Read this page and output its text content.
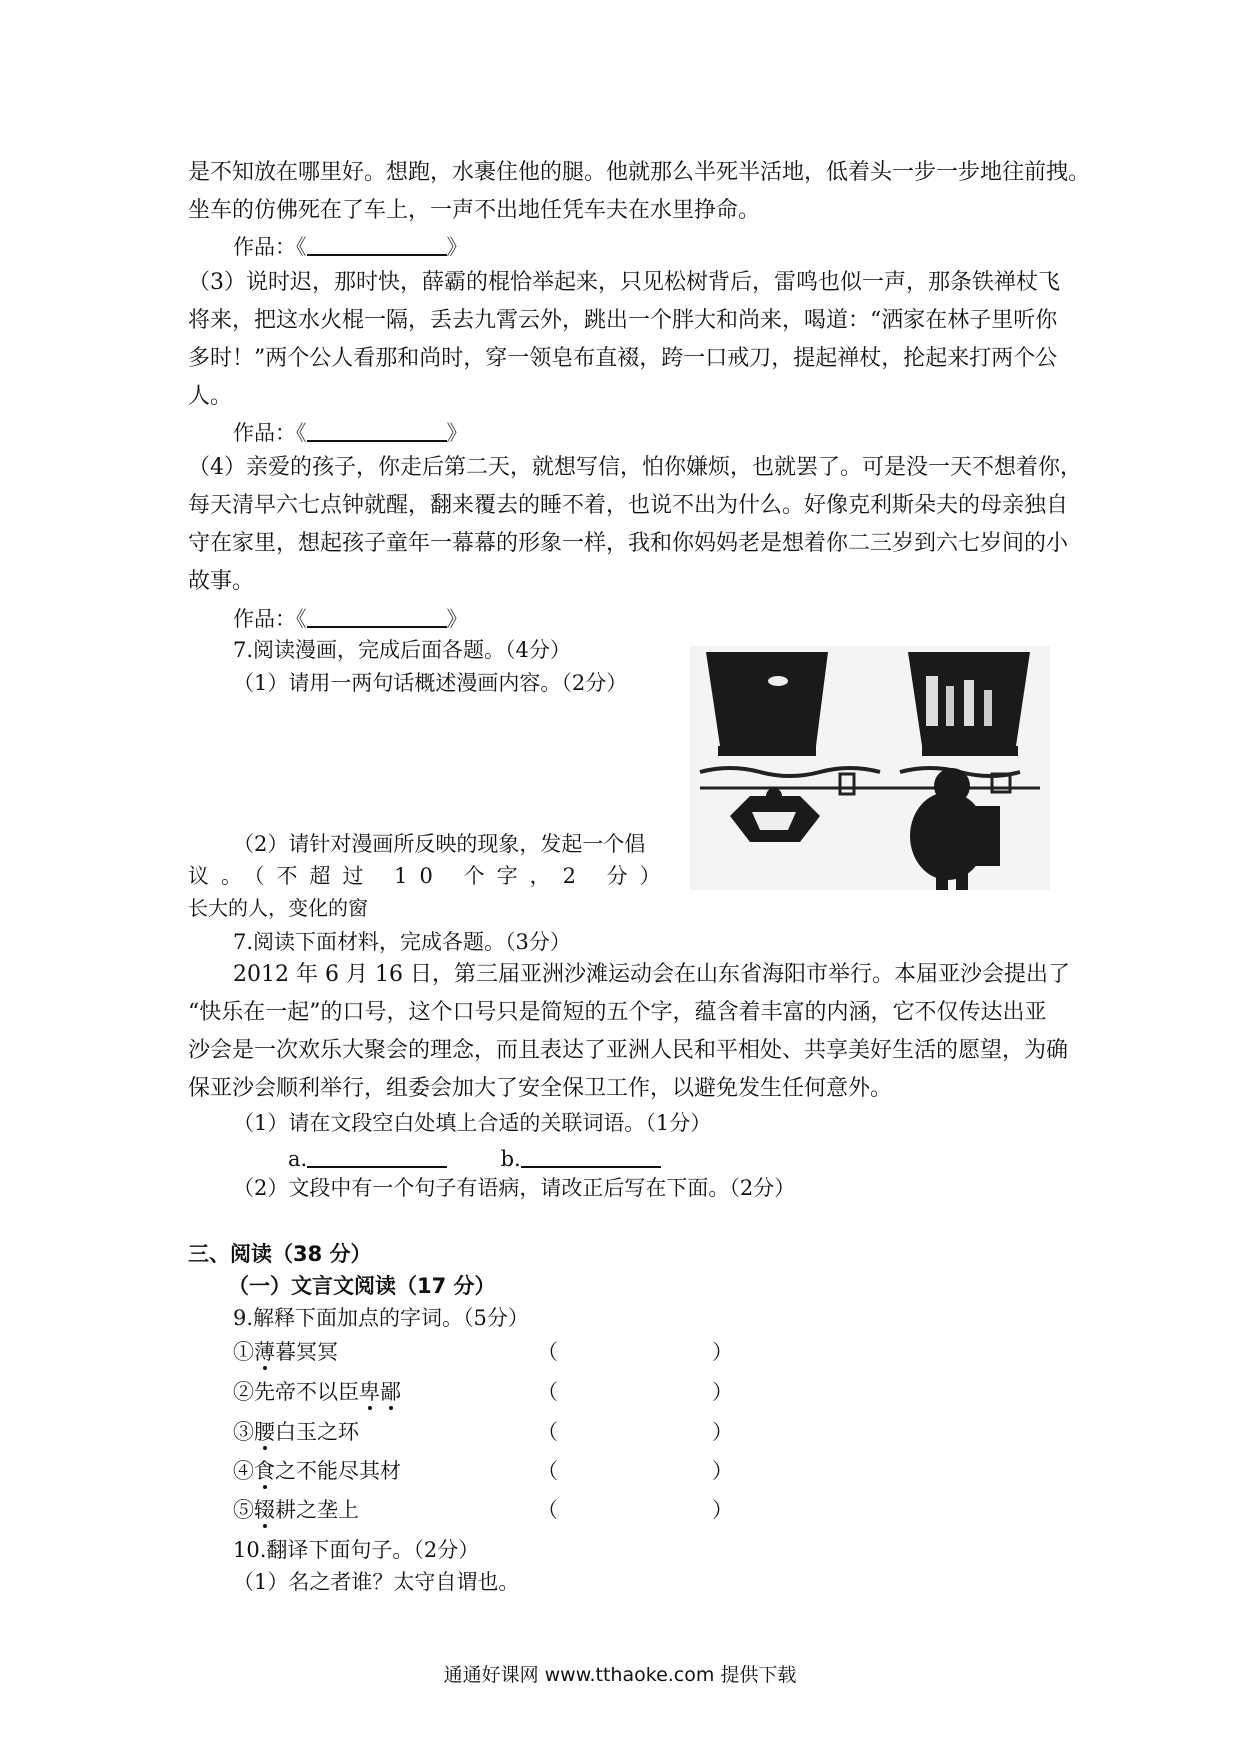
是不知放在哪里好。想跑，水裹住他的腿。他就那么半死半活地，低着头一步一步地往前拽。
坐车的仿佛死在了车上，一声不出地任凭车夫在水里挣命。
作品：《	》
（3）说时迟，那时快，薛霸的棍恰举起来，只见松树背后，雷鸣也似一声，那条铁禅杖飞
将来，把这水火棍一隔，丢去九霄云外，跳出一个胖大和尚来，喝道：“洒家在林子里听你
多时！”两个公人看那和尚时，穿一领皂布直裰，跨一口戒刀，提起禅杖，抡起来打两个公
人。
作品：《	》
（4）亲爱的孩子，你走后第二天，就想写信，怕你嫌烦，也就罢了。可是没一天不想着你，
每天清早六七点钟就醒，翻来覆去的睡不着，也说不出为什么。好像克利斯朵夫的母亲独自
守在家里，想起孩子童年一幕幕的形象一样，我和你妈妈老是想着你二三岁到六七岁间的小
故事。
作品：《	》
7.阅读漫画，完成后面各题。（4分）
（1）请用一两句话概述漫画内容。（2分）
（2）请针对漫画所反映的现象，发起一个倡
议。（不超过 10 个字，2 分）
长大的人，变化的窗
7.阅读下面材料，完成各题。（3分）
2012 年 6 月 16 日，第三届亚洲沙滩运动会在山东省海阳市举行。本届亚沙会提出了
“快乐在一起”的口号，这个口号只是简短的五个字，蕴含着丰富的内涵，它不仅传达出亚
沙会是一次欢乐大聚会的理念，而且表达了亚洲人民和平相处、共享美好生活的愿望，为确
保亚沙会顺利举行，组委会加大了安全保卫工作，以避免发生任何意外。
（1）请在文段空白处填上合适的关联词语。（1分）
a.	b.
（2）文段中有一个句子有语病，请改正后写在下面。（2分）
三、阅读（38 分）
（一）文言文阅读（17 分）
9.解释下面加点的字词。（5分）
①薄暮冥冥	（	）
②先帝不以臣卑鄙	（	）
③腰白玉之环	（	）
④食之不能尽其材	（	）
⑤辍耕之垄上	（	）
10.翻译下面句子。（2分）
（1）名之者谁？太守自谓也。
通通好课网 www.tthaoke.com 提供下载
